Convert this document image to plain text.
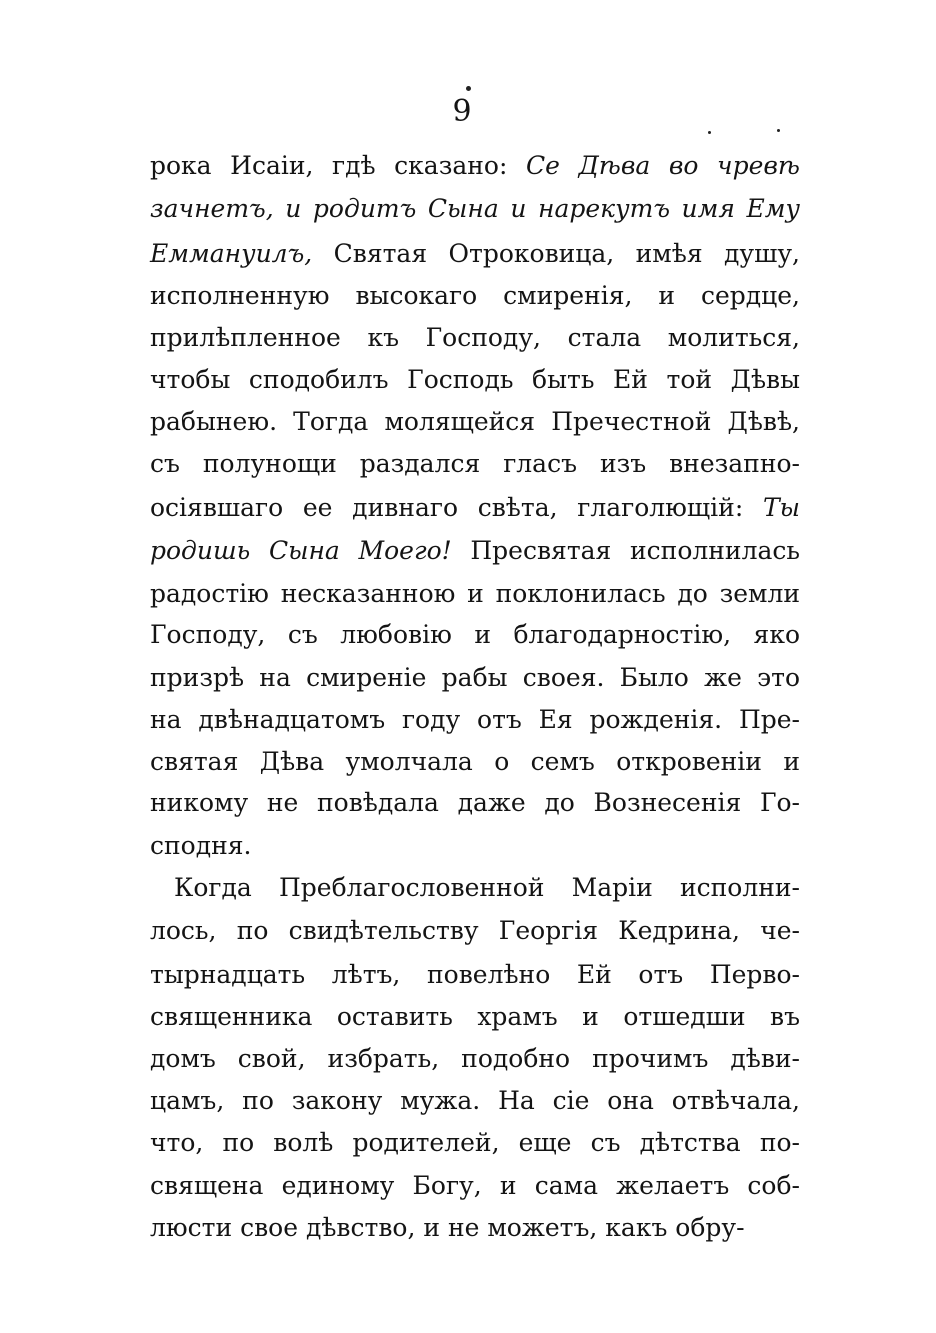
9
рока Исаіи, гдѣ сказано: Се Дѣва во чревѣ
зачнетъ, и родитъ Сына и нарекутъ имя Ему
Еммануилъ, Святая Отроковица, имѣя душу,
исполненную высокаго смиренія, и сердце,
прилѣпленное къ Господу, стала молиться,
чтобы сподобилъ Господь быть Ей той Дѣвы
рабынею. Тогда молящейся Пречестной Дѣвѣ,
съ полунощи раздался гласъ изъ внезапно-
осіявшаго ее дивнаго свѣта, глаголющій: Ты
родишь Сына Моего! Пресвятая исполнилась
радостію несказанною и поклонилась до земли
Господу, съ любовію и благодарностію, яко
призрѣ на смиреніе рабы своея. Было же это
на двѣнадцатомъ году отъ Ея рожденія. Пре-
святая Дѣва умолчала о семъ откровеніи и
никому не повѣдала даже до Вознесенія Го-
сподня.
Когда Преблагословенной Маріи исполни-
лось, по свидѣтельству Георгія Кедрина, че-
тырнадцать лѣтъ, повелѣно Ей отъ Перво-
священника оставить храмъ и отшедши въ
домъ свой, избрать, подобно прочимъ дѣви-
цамъ, по закону мужа. На сіе она отвѣчала,
что, по волѣ родителей, еще съ дѣтства по-
священа единому Богу, и сама желаетъ соб-
люсти свое дѣвство, и не можетъ, какъ обру-
